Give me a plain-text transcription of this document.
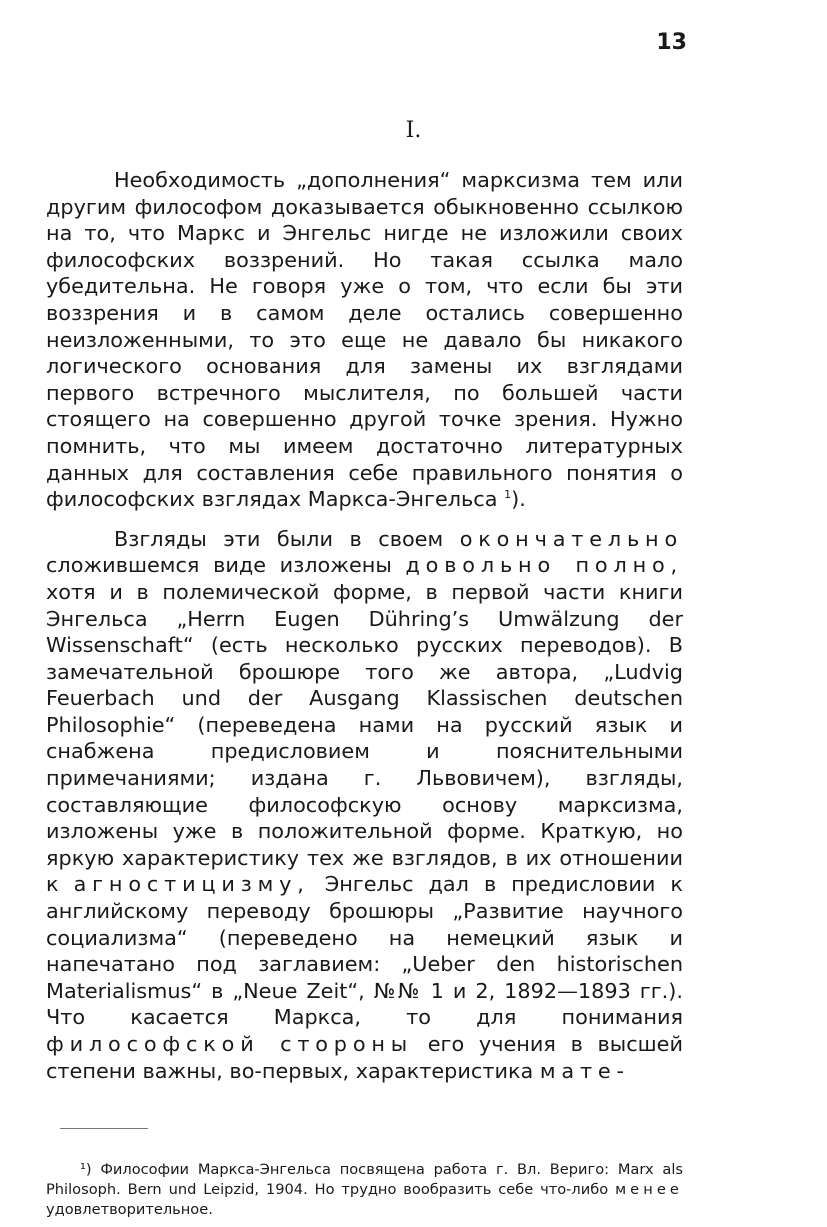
13
I.

Необходимость „дополнения“ марксизма тем или другим философом доказывается обыкновенно ссылкою на то, что Маркс и Энгельс нигде не изложили своих философских воззрений. Но такая ссылка мало убедительна. Не говоря уже о том, что если бы эти воззрения и в самом деле остались совершенно неизложенными, то это еще не давало бы никакого логического основания для замены их взглядами первого встречного мыслителя, по большей части стоящего на совершенно другой точке зрения. Нужно помнить, что мы имеем достаточно литературных данных для составления себе правильного понятия о философских взглядах Маркса-Энгельса $^1$).

Взгляды эти были в своем окончательно сложившемся виде изложены довольно полно, хотя и в полемической форме, в первой части книги Энгельса „Herrn Eugen Dühring’s Umwälzung der Wissenschaft“ (есть несколько русских переводов). В замечательной брошюре того же автора, „Ludvig Feuerbach und der Ausgang Klassischen deutschen Philosophie“ (переведена нами на русский язык и снабжена предисловием и пояснительными примечаниями; издана г. Львовичем), взгляды, составляющие философскую основу марксизма, изложены уже в положительной форме. Краткую, но яркую характеристику тех же взглядов, в их отношении к агностицизму, Энгельс дал в предисловии к английскому переводу брошюры „Развитие научного социализма“ (переведено на немецкий язык и напечатано под заглавием: „Ueber den historischen Materialismus“ в „Neue Zeit“, №№ 1 и 2, 1892—1893 гг.). Что касается Маркса, то для понимания философской стороны его учения в высшей степени важны, во-первых, характеристика мате-

¹) Философии Маркса-Энгельса посвящена работа г. Вл. Вериго: Marx als Philosoph. Bern und Leipzid, 1904. Но трудно вообразить себе что-либо менее удовлетворительное.
